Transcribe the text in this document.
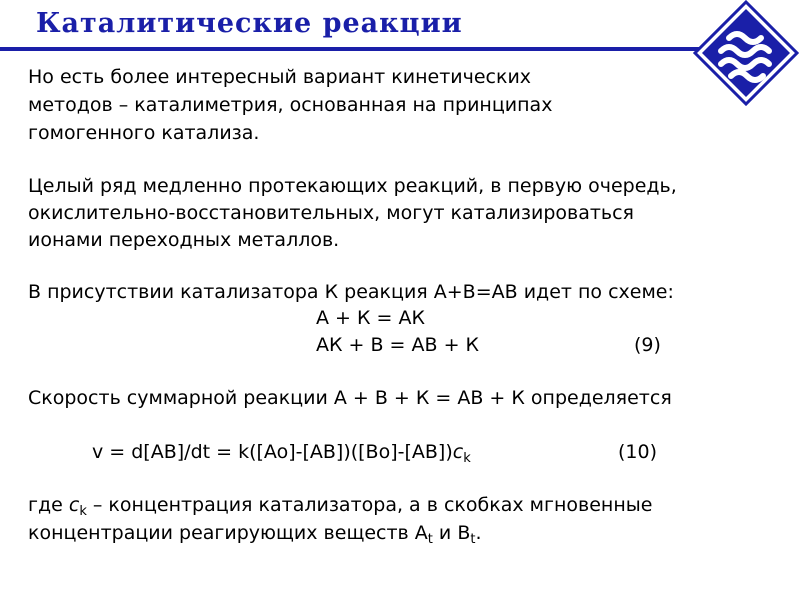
Каталитические реакции
Но есть более интересный вариант кинетических
методов – каталиметрия, основанная на принципах
гомогенного катализа.
Целый ряд медленно протекающих реакций, в первую очередь,
окислительно-восстановительных, могут катализироваться
ионами переходных металлов.
В присутствии катализатора К реакция А+В=АВ идет по схеме:
А + К = АК
АК + В = АВ + К	(9)
Скорость суммарной реакции А + В + К = АВ + К определяется
$v = d[AB]/dt = k([Ao]-[AB])([Bo]-[AB])c_k$	(10)
где $c_k$ – концентрация катализатора, а в скобках мгновенные
концентрации реагирующих веществ $А_t$ и $В_t$.
